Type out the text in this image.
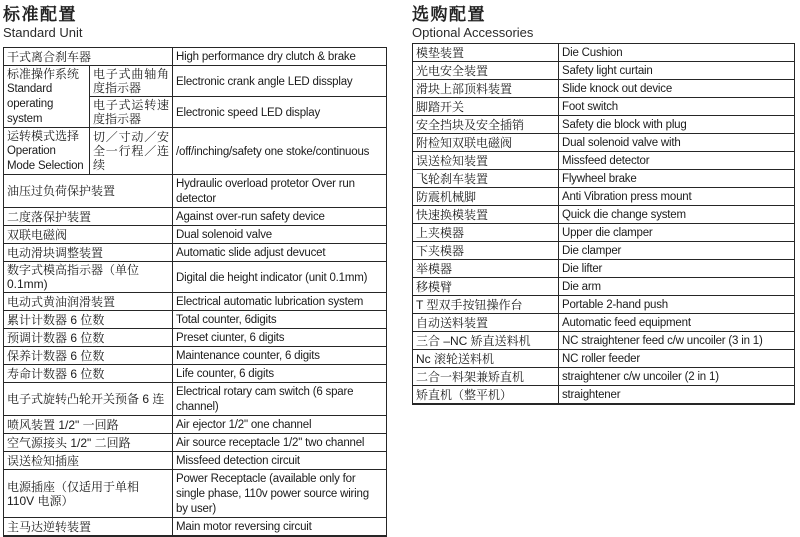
标准配置
Standard Unit
干式离合刹车器		High performance dry clutch & brake
标准操作系统 Standard operating system	电子式曲轴角度指示器	Electronic crank angle LED dissplay
	电子式运转速度指示器	Electronic speed LED display
运转模式选择 Operation Mode Selection	切／寸动／安全一行程／连续	/off/inching/safety one stoke/continuous
油压过负荷保护装置		Hydraulic overload protetor Over run detector
二度落保护装置		Against over-run safety device
双联电磁阀		Dual solenoid valve
电动滑块调整装置		Automatic slide adjust devucet
数字式模高指示器（单位 0.1mm)		Digital die height indicator (unit 0.1mm)
电动式黄油润滑装置		Electrical automatic lubrication system
累计计数器 6 位数		Total counter, 6digits
预调计数器 6 位数		Preset ciunter, 6 digits
保养计数器 6 位数		Maintenance counter, 6 digits
寿命计数器 6 位数		Life counter, 6 digits
电子式旋转凸轮开关预备 6 连		Electrical rotary cam switch (6 spare channel)
喷风装置 1/2" 一回路		Air ejector 1/2" one channel
空气源接头 1/2" 二回路		Air source receptacle 1/2" two channel
误送检知插座		Missfeed detection circuit
电源插座（仅适用于单相 110V 电源）		Power Receptacle (available only for single phase, 110v power source wiring by user)
主马达逆转装置		Main motor reversing circuit
选购配置
Optional Accessories
模垫装置	Die Cushion
光电安全装置	Safety light curtain
滑块上部顶料装置	Slide knock out device
脚踏开关	Foot switch
安全挡块及安全插销	Safety die block with plug
附检知双联电磁阀	Dual solenoid valve with
误送检知装置	Missfeed detector
飞轮刹车装置	Flywheel brake
防震机械脚	Anti Vibration press mount
快速换模装置	Quick die change system
上夹模器	Upper die clamper
下夹模器	Die clamper
举模器	Die lifter
移模臂	Die arm
T 型双手按钮操作台	Portable 2-hand push
自动送料装置	Automatic feed equipment
三合 –NC 矫直送料机	NC straightener feed c/w uncoiler (3 in 1)
Nc 滚轮送料机	NC roller feeder
二合一料架兼矫直机	straightener c/w uncoiler (2 in 1)
矫直机（整平机）	straightener
